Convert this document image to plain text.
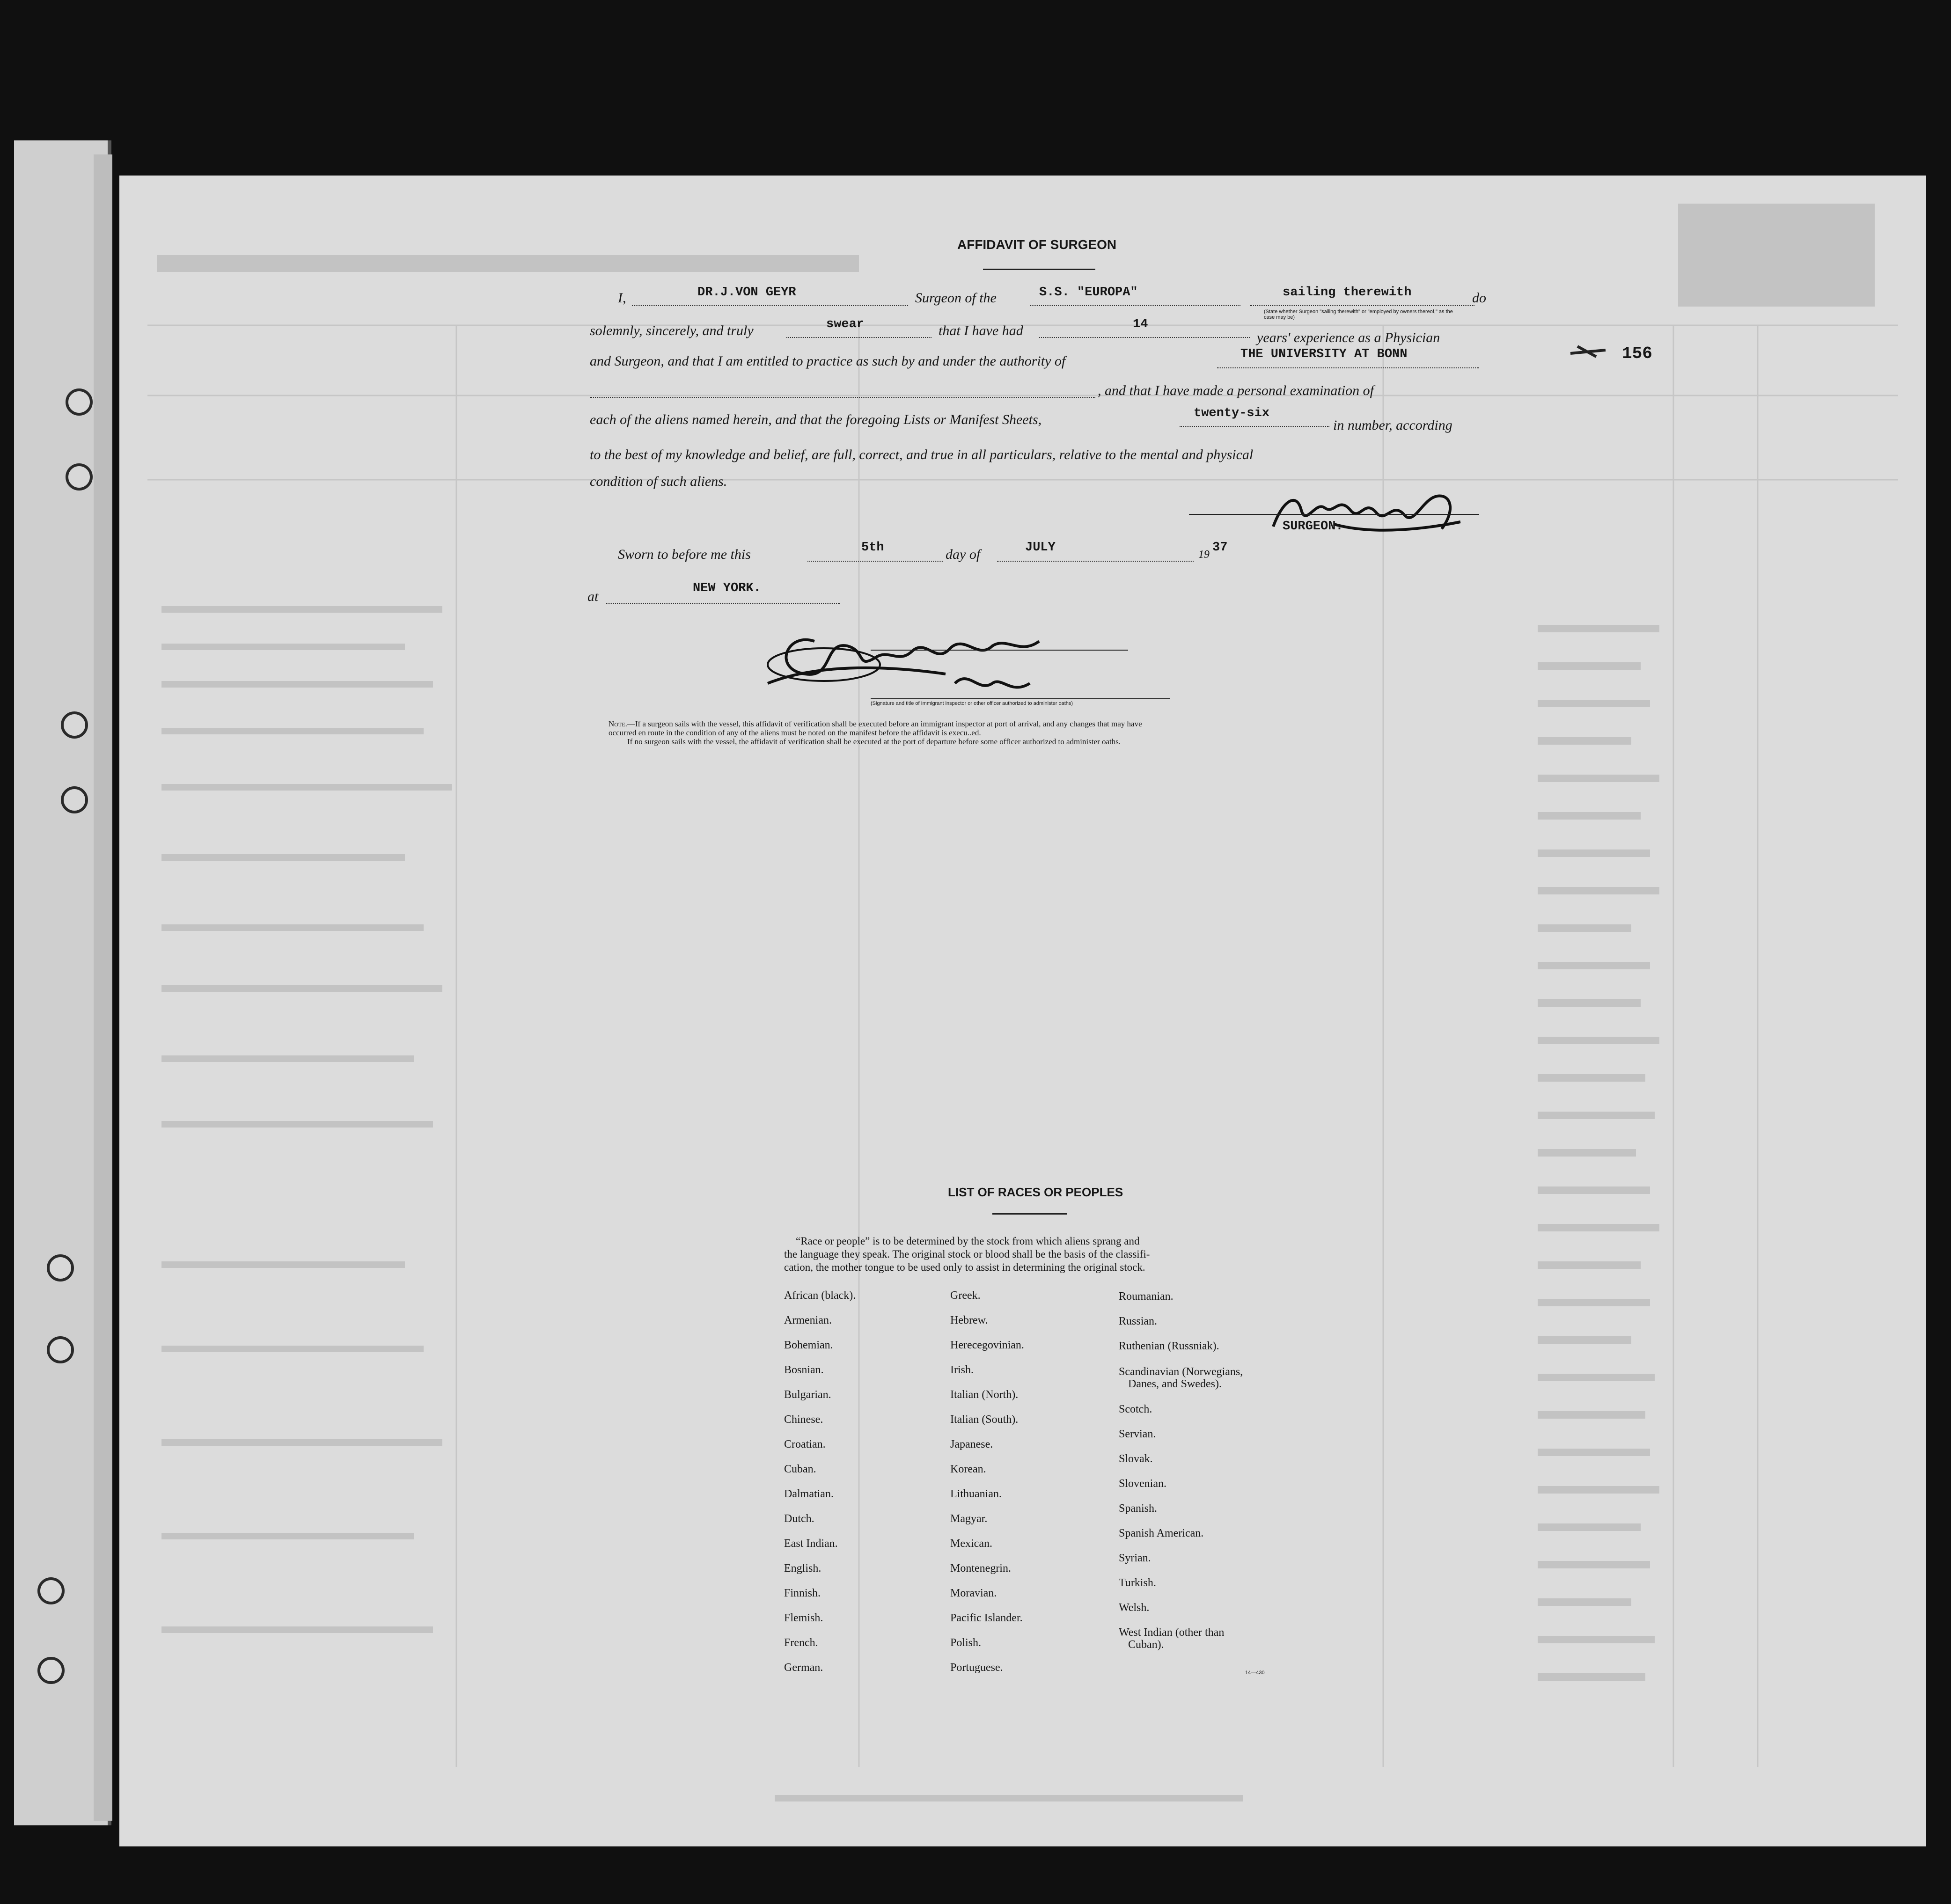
156
AFFIDAVIT OF SURGEON
I,	DR.J.VON GEYR	Surgeon of the	S.S. "EUROPA"	sailing therewith	do
(State whether Surgeon "sailing therewith" or "employed by owners thereof," as the case may be)
solemnly, sincerely, and truly	swear	that I have had	14
years' experience as a Physician
and Surgeon, and that I am entitled to practice as such by and under the authority of	THE UNIVERSITY AT BONN
, and that I have made a personal examination of
each of the aliens named herein, and that the foregoing Lists or Manifest Sheets,	twenty-six
in number, according
to the best of my knowledge and belief, are full, correct, and true in all particulars, relative to the mental and physical
condition of such aliens.
SURGEON.
Sworn to before me this	5th	day of	JULY	19 37
at
NEW YORK.
(Signature and title of Immigrant inspector or other officer authorized to administer oaths)
Note.—If a surgeon sails with the vessel, this affidavit of verification shall be executed before an immigrant inspector at port of arrival, and any changes that may have
occurred en route in the condition of any of the aliens must be noted on the manifest before the affidavit is execu..ed.
If no surgeon sails with the vessel, the affidavit of verification shall be executed at the port of departure before some officer authorized to administer oaths.
LIST OF RACES OR PEOPLES
“Race or people” is to be determined by the stock from which aliens sprang and
the language they speak. The original stock or blood shall be the basis of the classifi-
cation, the mother tongue to be used only to assist in determining the original stock.
African (black).
Armenian.
Bohemian.
Bosnian.
Bulgarian.
Chinese.
Croatian.
Cuban.
Dalmatian.
Dutch.
East Indian.
English.
Finnish.
Flemish.
French.
German.
Greek.
Hebrew.
Herecegovinian.
Irish.
Italian (North).
Italian (South).
Japanese.
Korean.
Lithuanian.
Magyar.
Mexican.
Montenegrin.
Moravian.
Pacific Islander.
Polish.
Portuguese.
Roumanian.
Russian.
Ruthenian (Russniak).
Scandinavian (Norwegians,
Danes, and Swedes).
Scotch.
Servian.
Slovak.
Slovenian.
Spanish.
Spanish American.
Syrian.
Turkish.
Welsh.
West Indian (other than
Cuban).
14—430
